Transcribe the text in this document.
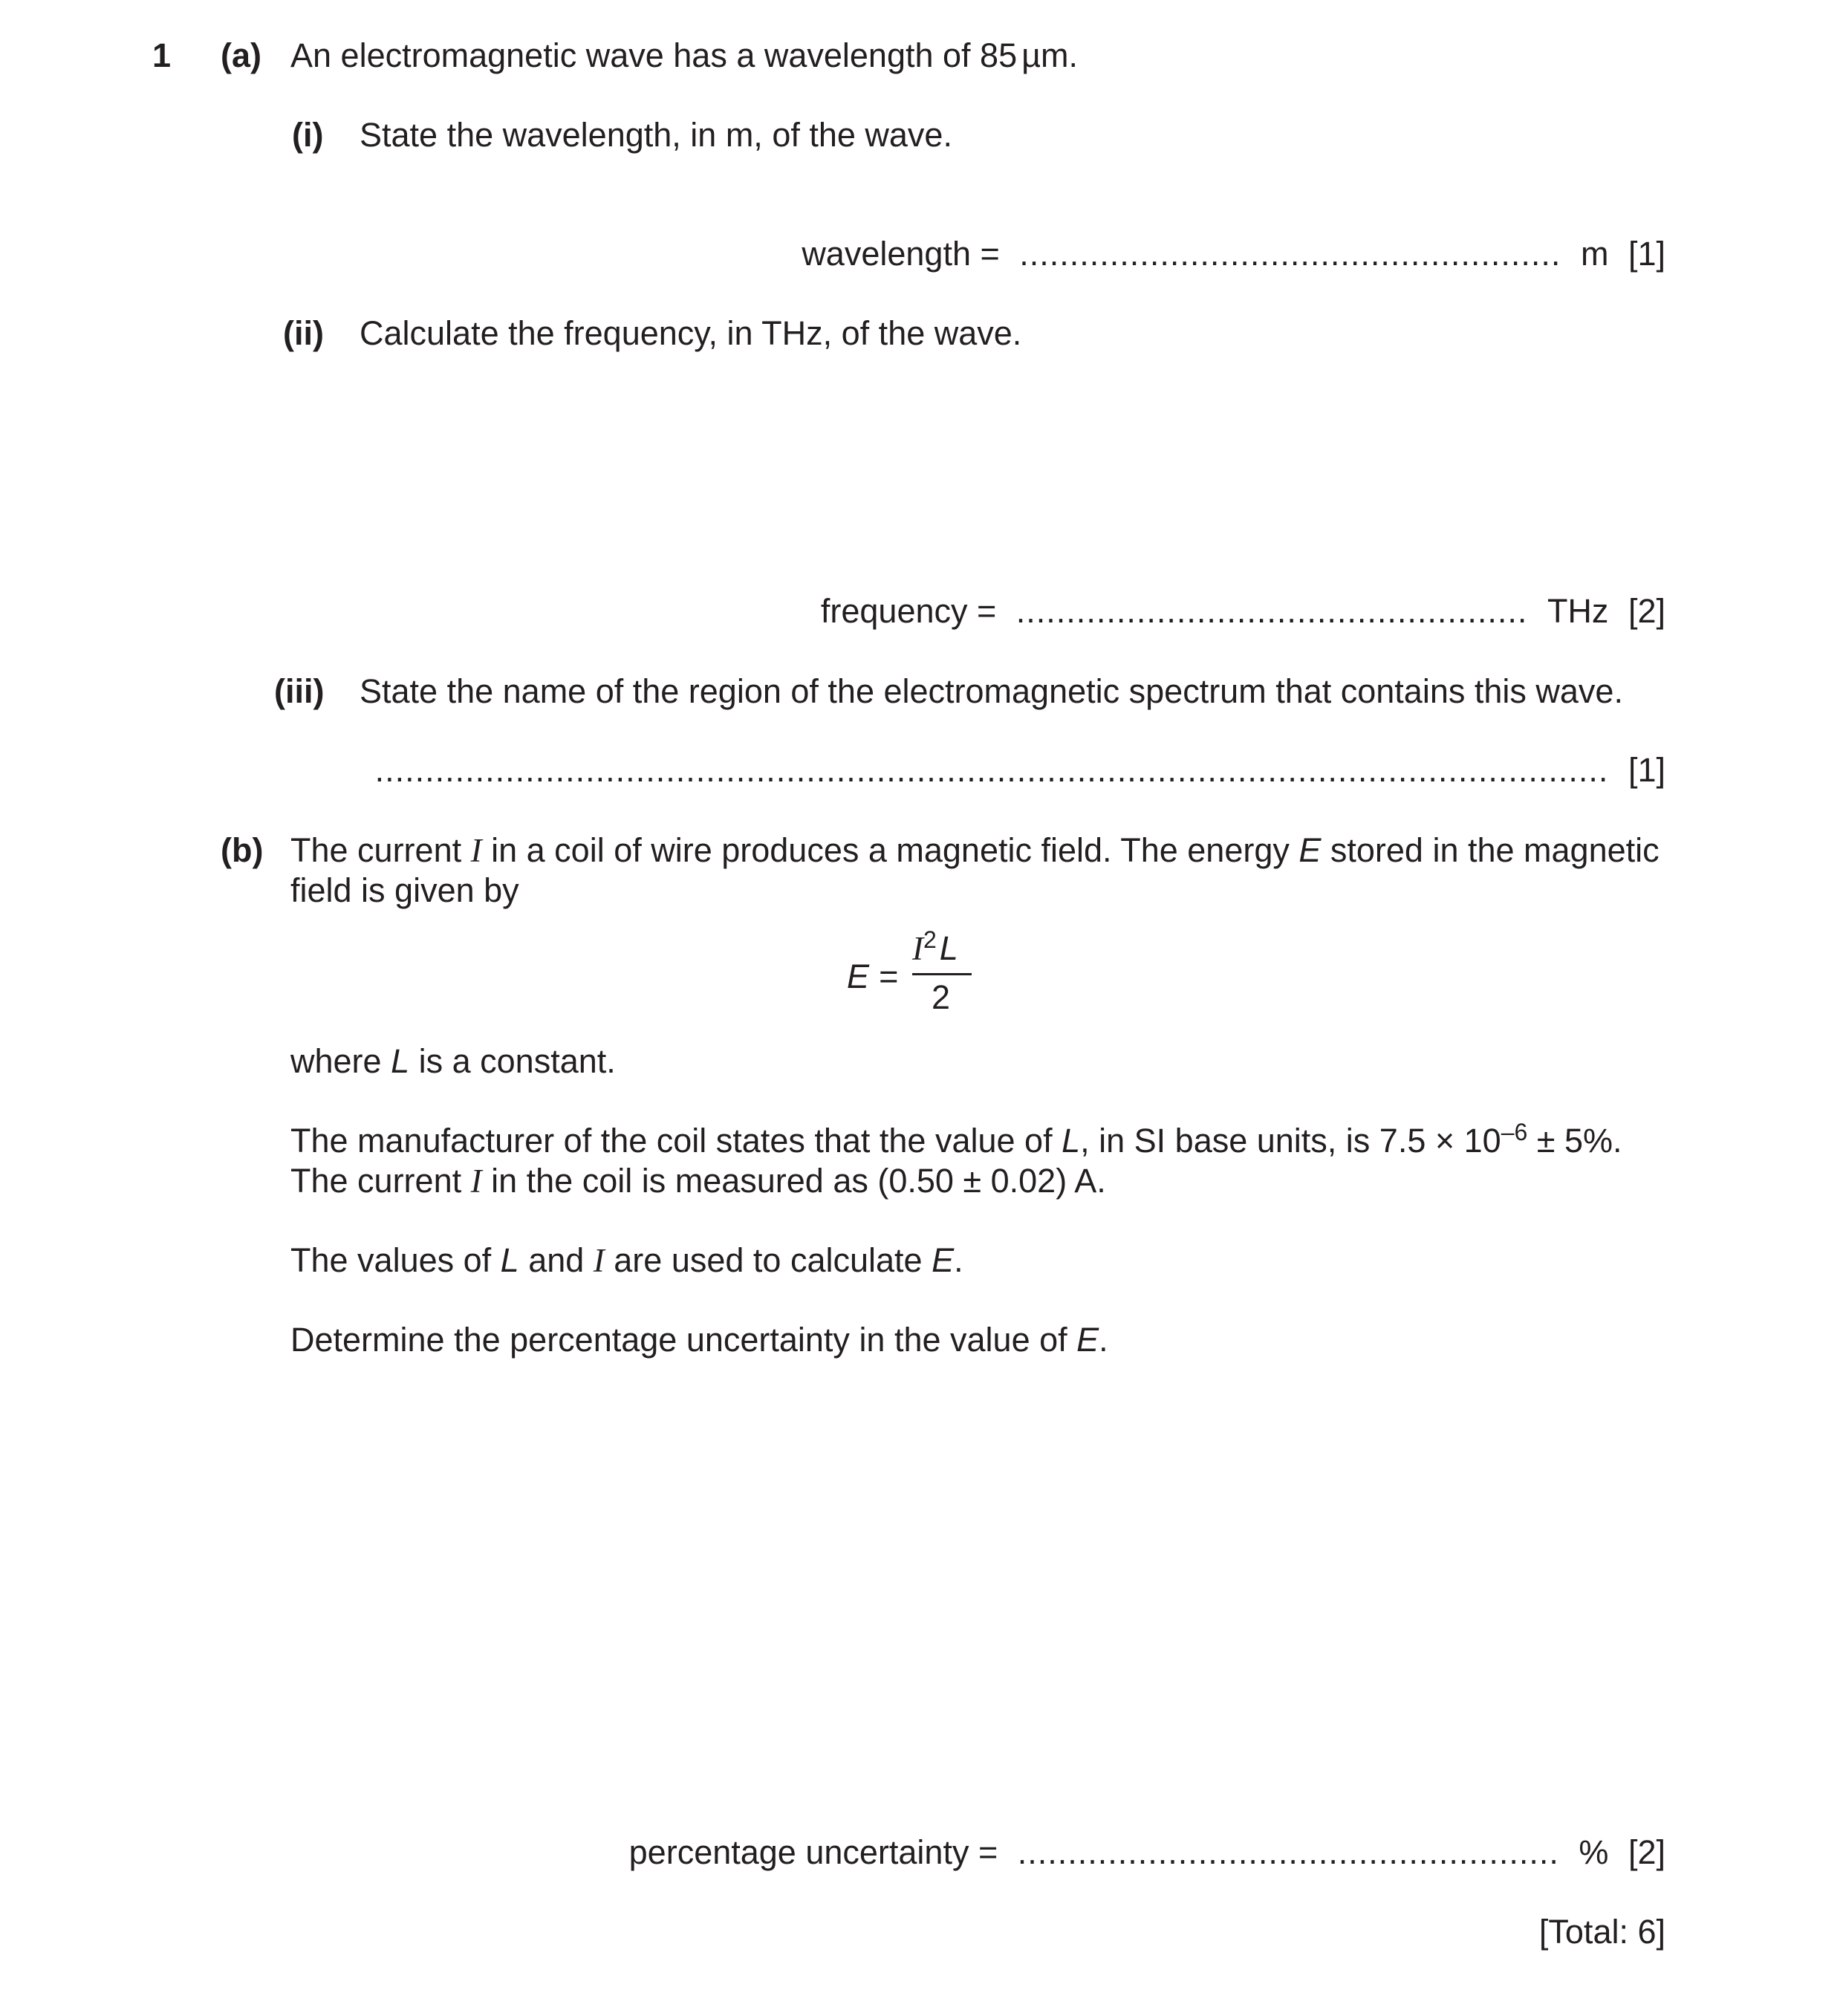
1 (a) An electromagnetic wave has a wavelength of 85 µm.
(i) State the wavelength, in m, of the wave.
wavelength = ...................................................... m [1]
(ii) Calculate the frequency, in THz, of the wave.
frequency = ................................................... THz [2]
(iii) State the name of the region of the electromagnetic spectrum that contains this wave.
........................................................................................................................... [1]
(b) The current I in a coil of wire produces a magnetic field. The energy E stored in the magnetic
field is given by
E =
$I^2L$
2
where L is a constant.
The manufacturer of the coil states that the value of L, in SI base units, is $7.5 \times 10^{-6} \pm 5\%$.
The current I in the coil is measured as (0.50 ± 0.02) A.
The values of L and I are used to calculate E.
Determine the percentage uncertainty in the value of E.
percentage uncertainty = ...................................................... % [2]
[Total: 6]
